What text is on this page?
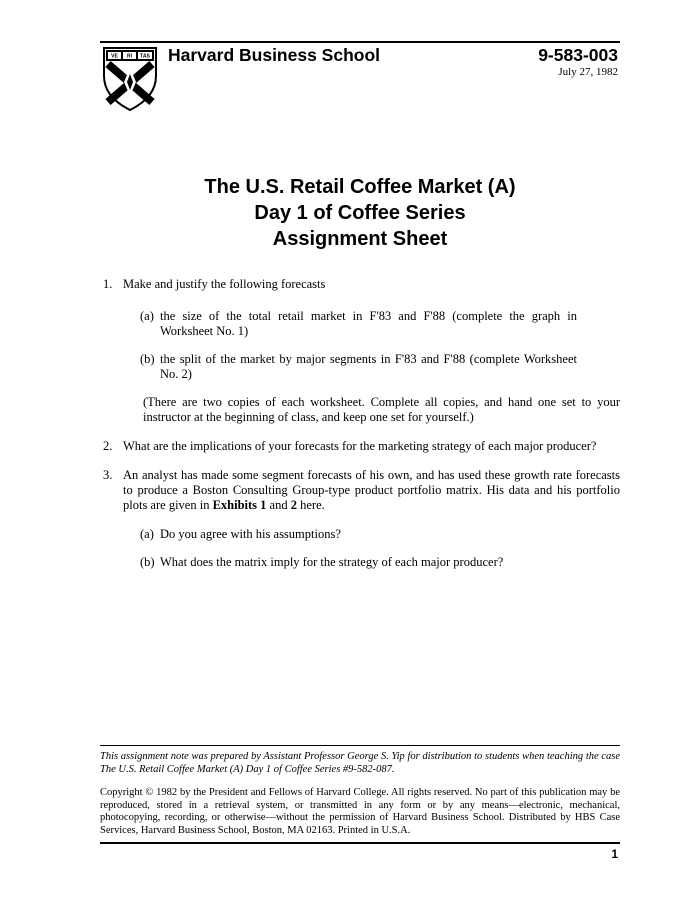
VE RI TAS Harvard Business School	9-583-003
July 27, 1982
The U.S. Retail Coffee Market (A)
Day 1 of Coffee Series
Assignment Sheet
1. Make and justify the following forecasts
(a) the size of the total retail market in F'83 and F'88 (complete the graph in Worksheet No. 1)
(b) the split of the market by major segments in F'83 and F'88 (complete Worksheet No. 2)
(There are two copies of each worksheet. Complete all copies, and hand one set to your instructor at the beginning of class, and keep one set for yourself.)
2. What are the implications of your forecasts for the marketing strategy of each major producer?
3. An analyst has made some segment forecasts of his own, and has used these growth rate forecasts to produce a Boston Consulting Group-type product portfolio matrix. His data and his portfolio plots are given in Exhibits 1 and 2 here.
(a) Do you agree with his assumptions?
(b) What does the matrix imply for the strategy of each major producer?
This assignment note was prepared by Assistant Professor George S. Yip for distribution to students when teaching the case The U.S. Retail Coffee Market (A) Day 1 of Coffee Series #9-582-087.
Copyright © 1982 by the President and Fellows of Harvard College. All rights reserved. No part of this publication may be reproduced, stored in a retrieval system, or transmitted in any form or by any means—electronic, mechanical, photocopying, recording, or otherwise—without the permission of Harvard Business School. Distributed by HBS Case Services, Harvard Business School, Boston, MA 02163. Printed in U.S.A.
1
